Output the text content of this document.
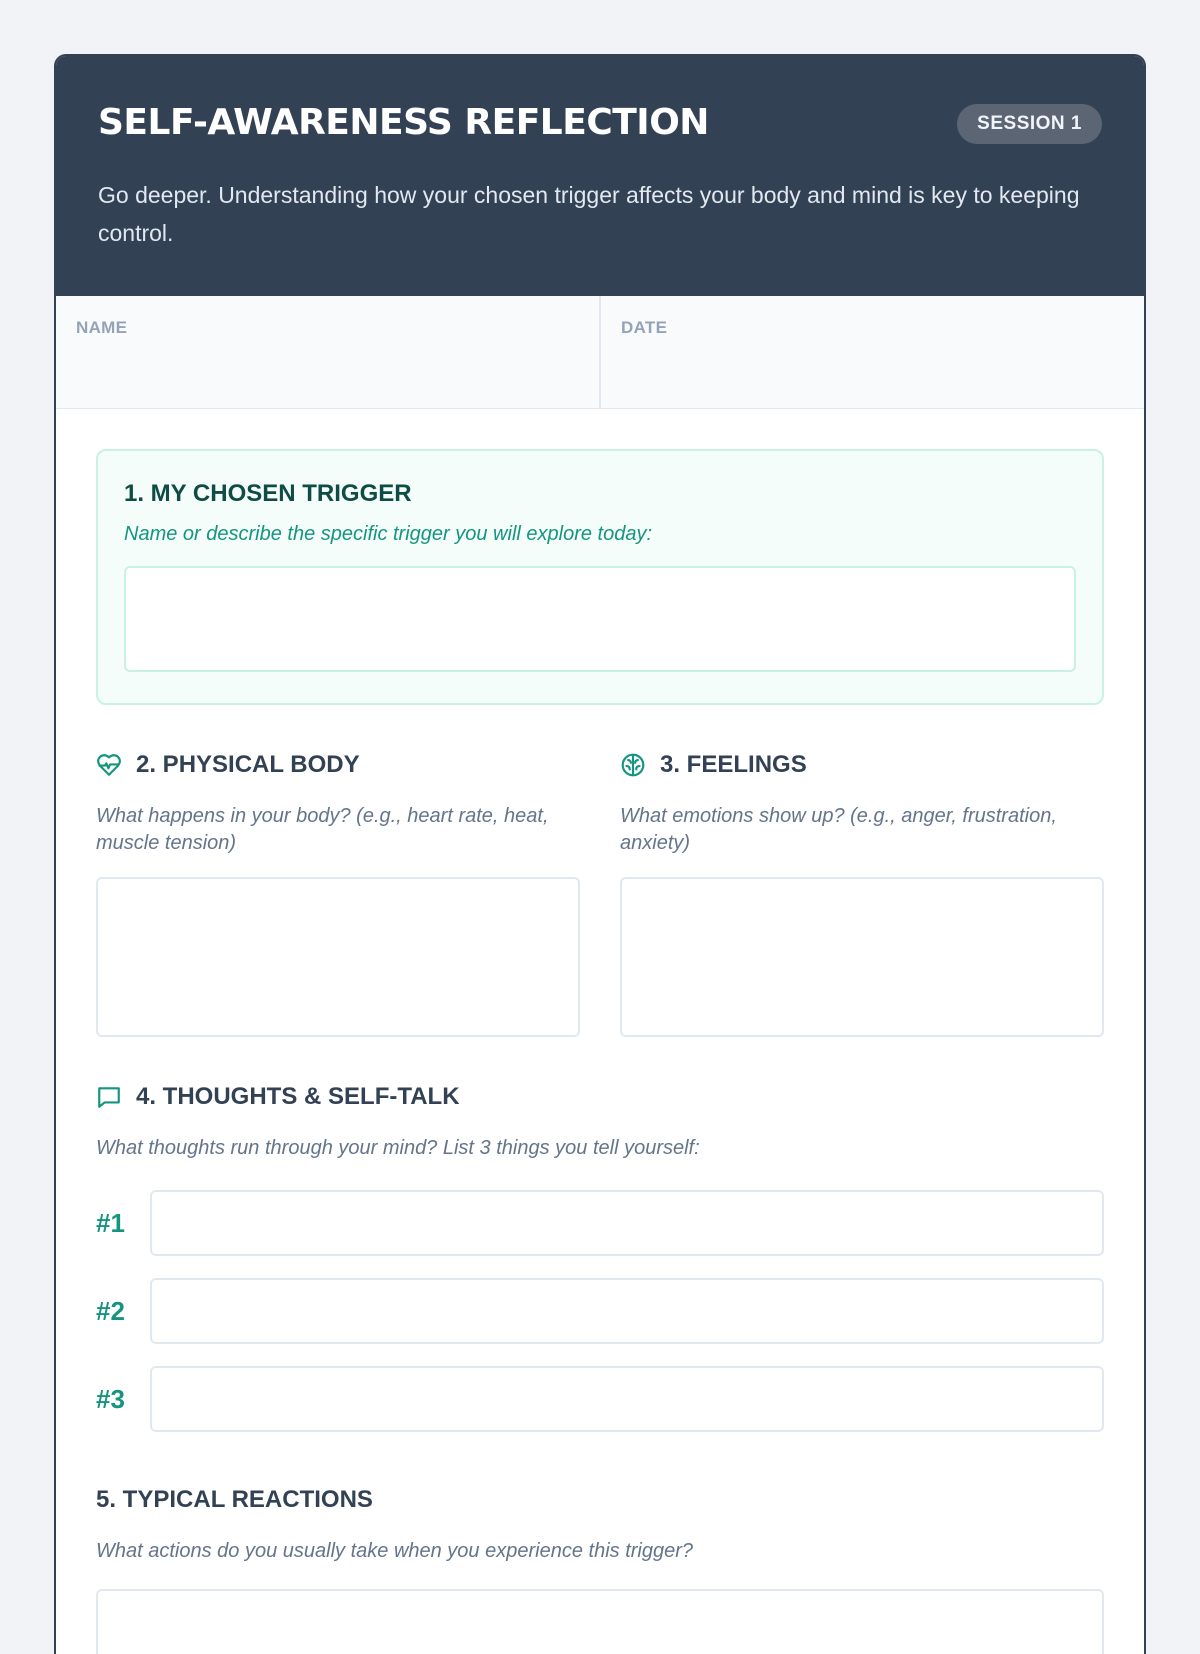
SELF-AWARENESS REFLECTION	SESSION 1

Go deeper. Understanding how your chosen trigger affects your body and mind is key to keeping control.

NAME	DATE
1. MY CHOSEN TRIGGER

Name or describe the specific trigger you will explore today:

2. PHYSICAL BODY

What happens in your body? (e.g., heart rate, heat, muscle tension)

3. FEELINGS

What emotions show up? (e.g., anger, frustration, anxiety)

4. THOUGHTS & SELF-TALK

What thoughts run through your mind? List 3 things you tell yourself:

#1
#2
#3
5. TYPICAL REACTIONS

What actions do you usually take when you experience this trigger?
